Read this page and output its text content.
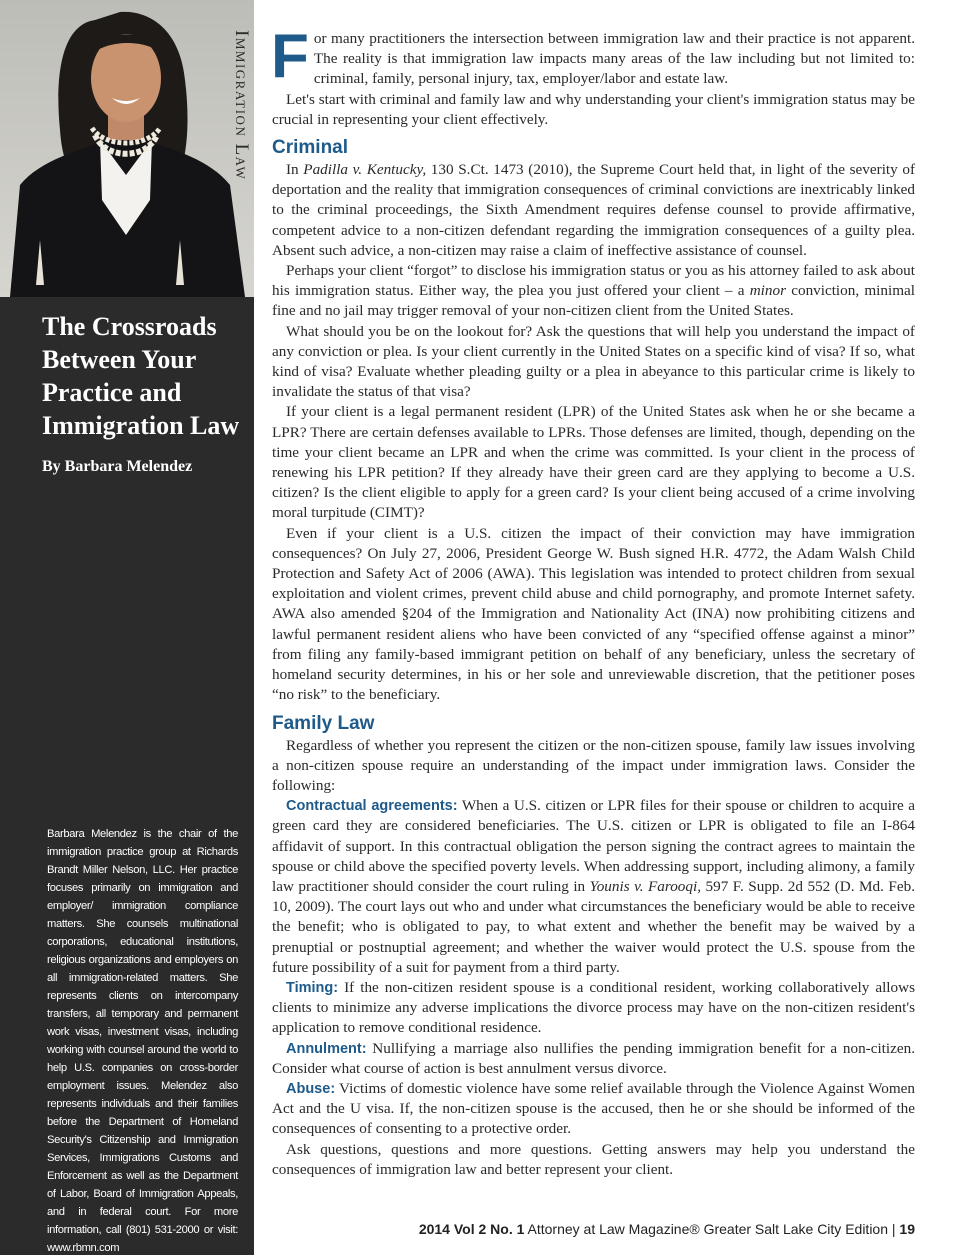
The Crossroads Between Your Practice and Immigration Law
By Barbara Melendez
Barbara Melendez is the chair of the immigration practice group at Richards Brandt Miller Nelson, LLC. Her practice focuses primarily on immigration and employer/ immigration compliance matters. She counsels multinational corporations, educational institutions, religious organizations and employers on all immigration-related matters. She represents clients on intercompany transfers, all temporary and permanent work visas, investment visas, including working with counsel around the world to help U.S. companies on cross-border employment issues. Melendez also represents individuals and their families before the Department of Homeland Security's Citizenship and Immigration Services, Immigrations Customs and Enforcement as well as the Department of Labor, Board of Immigration Appeals, and in federal court. For more information, call (801) 531-2000 or visit: www.rbmn.com
Immigration Law For many practitioners the intersection between immigration law and their practice is not apparent. The reality is that immigration law impacts many areas of the law including but not limited to: criminal, family, personal injury, tax, employer/labor and estate law.

Let's start with criminal and family law and why understanding your client's immigration status may be crucial in representing your client effectively.

Criminal

In Padilla v. Kentucky, 130 S.Ct. 1473 (2010), the Supreme Court held that, in light of the severity of deportation and the reality that immigration consequences of criminal convictions are inextricably linked to the criminal proceedings, the Sixth Amendment requires defense counsel to provide affirmative, competent advice to a non-citizen defendant regarding the immigration consequences of a guilty plea. Absent such advice, a non-citizen may raise a claim of ineffective assistance of counsel.

Perhaps your client “forgot” to disclose his immigration status or you as his attorney failed to ask about his immigration status. Either way, the plea you just offered your client – a minor conviction, minimal fine and no jail may trigger removal of your non-citizen client from the United States.

What should you be on the lookout for? Ask the questions that will help you understand the impact of any conviction or plea. Is your client currently in the United States on a specific kind of visa? If so, what kind of visa? Evaluate whether pleading guilty or a plea in abeyance to this particular crime is likely to invalidate the status of that visa?

If your client is a legal permanent resident (LPR) of the United States ask when he or she became a LPR? There are certain defenses available to LPRs. Those defenses are limited, though, depending on the time your client became an LPR and when the crime was committed. Is your client in the process of renewing his LPR petition? If they already have their green card are they applying to become a U.S. citizen? Is the client eligible to apply for a green card? Is your client being accused of a crime involving moral turpitude (CIMT)?

Even if your client is a U.S. citizen the impact of their conviction may have immigration consequences? On July 27, 2006, President George W. Bush signed H.R. 4772, the Adam Walsh Child Protection and Safety Act of 2006 (AWA). This legislation was intended to protect children from sexual exploitation and violent crimes, prevent child abuse and child pornography, and promote Internet safety. AWA also amended §204 of the Immigration and Nationality Act (INA) now prohibiting citizens and lawful permanent resident aliens who have been convicted of any “specified offense against a minor” from filing any family-based immigrant petition on behalf of any beneficiary, unless the secretary of homeland security determines, in his or her sole and unreviewable discretion, that the petitioner poses “no risk” to the beneficiary.

Family Law

Regardless of whether you represent the citizen or the non-citizen spouse, family law issues involving a non-citizen spouse require an understanding of the impact under immigration laws. Consider the following:

Contractual agreements: When a U.S. citizen or LPR files for their spouse or children to acquire a green card they are considered beneficiaries. The U.S. citizen or LPR is obligated to file an I-864 affidavit of support. In this contractual obligation the person signing the contract agrees to maintain the spouse or child above the specified poverty levels. When addressing support, including alimony, a family law practitioner should consider the court ruling in Younis v. Farooqi, 597 F. Supp. 2d 552 (D. Md. Feb. 10, 2009). The court lays out who and under what circumstances the beneficiary would be able to receive the benefit; who is obligated to pay, to what extent and whether the benefit may be waived by a prenuptial or postnuptial agreement; and whether the waiver would protect the U.S. spouse from the future possibility of a suit for payment from a third party.

Timing: If the non-citizen resident spouse is a conditional resident, working collaboratively allows clients to minimize any adverse implications the divorce process may have on the non-citizen resident's application to remove conditional residence.

Annulment: Nullifying a marriage also nullifies the pending immigration benefit for a non-citizen. Consider what course of action is best annulment versus divorce.

Abuse: Victims of domestic violence have some relief available through the Violence Against Women Act and the U visa. If, the non-citizen spouse is the accused, then he or she should be informed of the consequences of consenting to a protective order.

Ask questions, questions and more questions. Getting answers may help you understand the consequences of immigration law and better represent your client.

2014 Vol 2 No. 1 Attorney at Law Magazine® Greater Salt Lake City Edition | 19
